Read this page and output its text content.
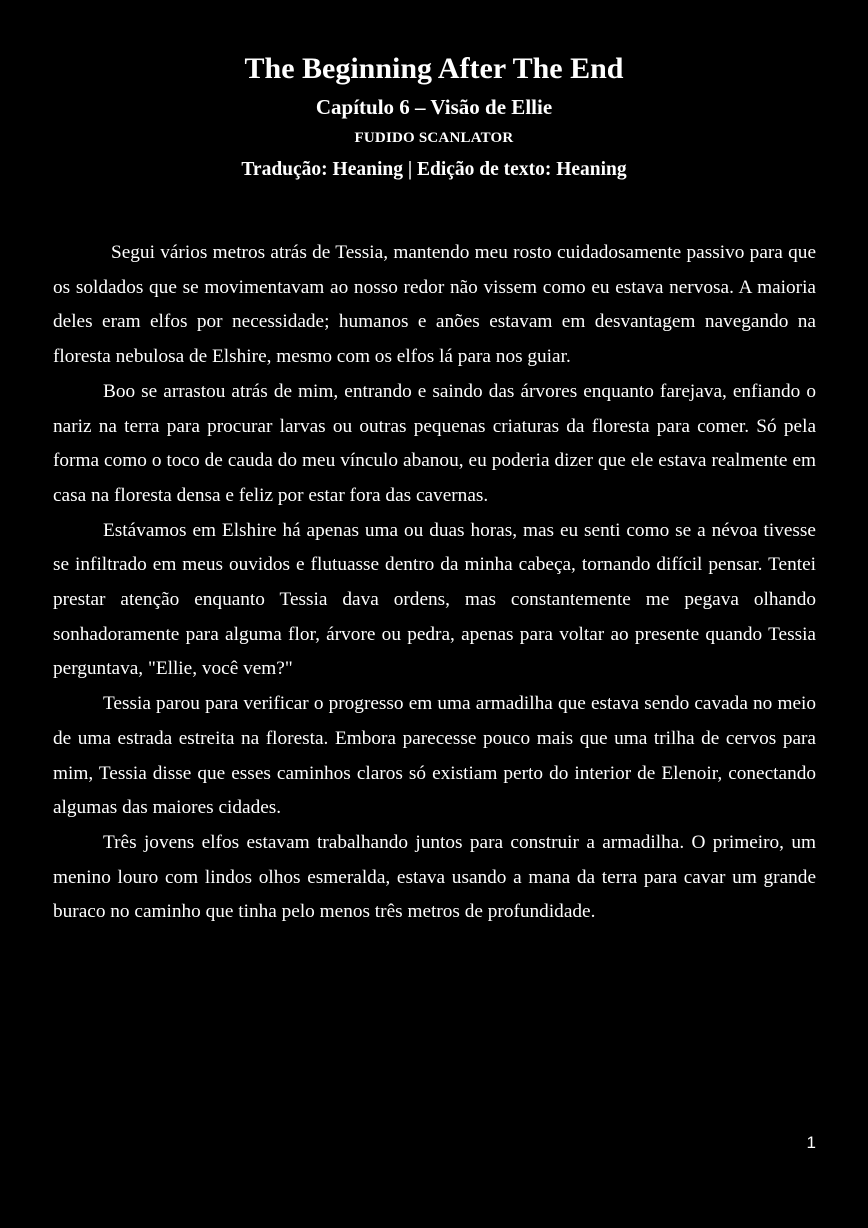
The Beginning After The End
Capítulo 6 – Visão de Ellie
FUDIDO SCANLATOR
Tradução: Heaning | Edição de texto: Heaning

Segui vários metros atrás de Tessia, mantendo meu rosto cuidadosamente passivo para que os soldados que se movimentavam ao nosso redor não vissem como eu estava nervosa. A maioria deles eram elfos por necessidade; humanos e anões estavam em desvantagem navegando na floresta nebulosa de Elshire, mesmo com os elfos lá para nos guiar.

Boo se arrastou atrás de mim, entrando e saindo das árvores enquanto farejava, enfiando o nariz na terra para procurar larvas ou outras pequenas criaturas da floresta para comer. Só pela forma como o toco de cauda do meu vínculo abanou, eu poderia dizer que ele estava realmente em casa na floresta densa e feliz por estar fora das cavernas.

Estávamos em Elshire há apenas uma ou duas horas, mas eu senti como se a névoa tivesse se infiltrado em meus ouvidos e flutuasse dentro da minha cabeça, tornando difícil pensar. Tentei prestar atenção enquanto Tessia dava ordens, mas constantemente me pegava olhando sonhadoramente para alguma flor, árvore ou pedra, apenas para voltar ao presente quando Tessia perguntava, "Ellie, você vem?"

Tessia parou para verificar o progresso em uma armadilha que estava sendo cavada no meio de uma estrada estreita na floresta. Embora parecesse pouco mais que uma trilha de cervos para mim, Tessia disse que esses caminhos claros só existiam perto do interior de Elenoir, conectando algumas das maiores cidades.

Três jovens elfos estavam trabalhando juntos para construir a armadilha. O primeiro, um menino louro com lindos olhos esmeralda, estava usando a mana da terra para cavar um grande buraco no caminho que tinha pelo menos três metros de profundidade.

1
